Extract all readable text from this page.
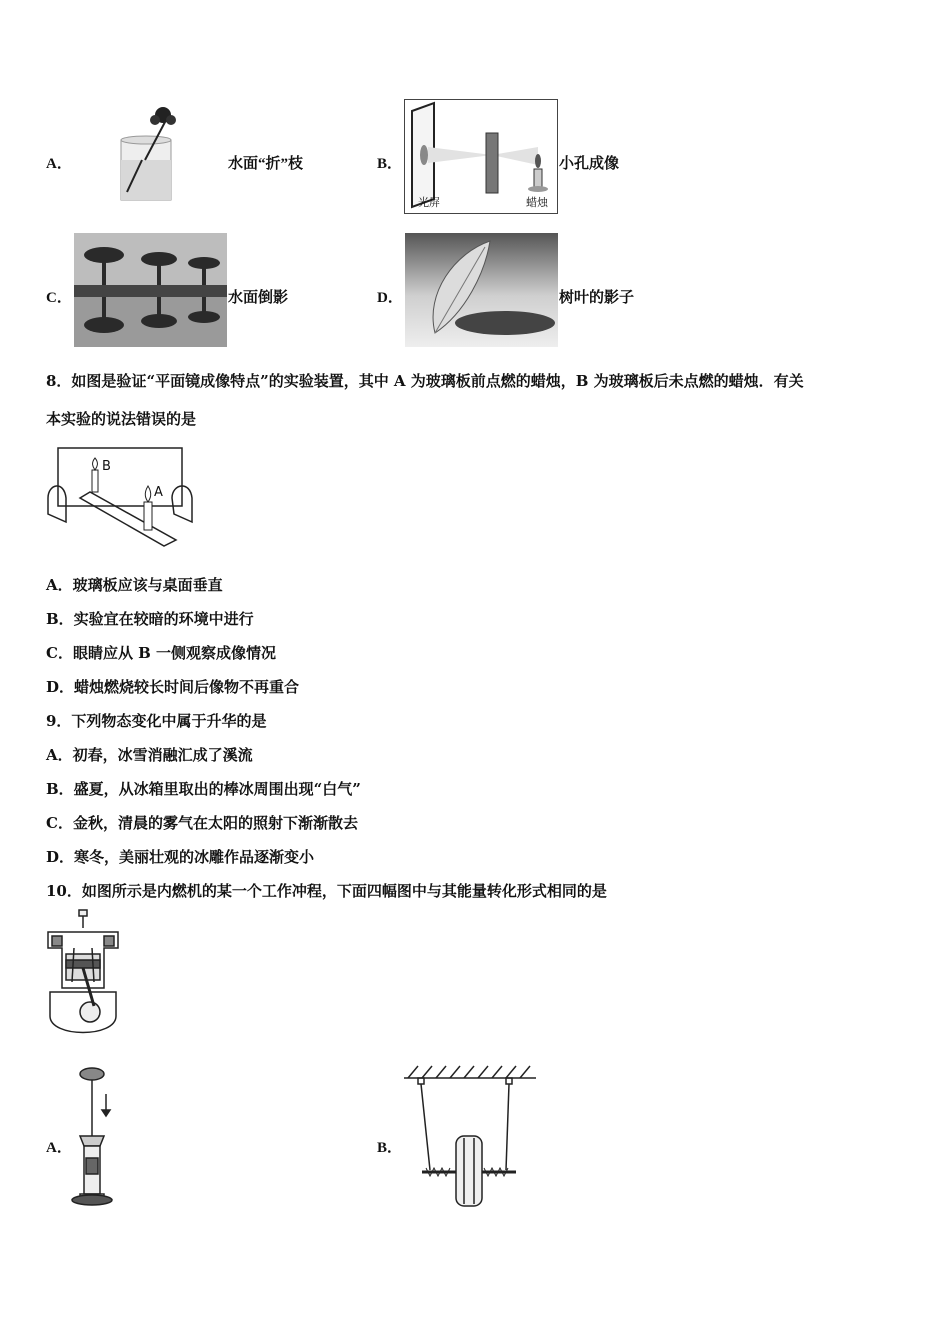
A．	水面“折”枝	B．
光屏	蜡烛
小孔成像
C．	水面倒影	D．	树叶的影子
8．如图是验证“平面镜成像特点”的实验装置，其中 A 为玻璃板前点燃的蜡烛，B 为玻璃板后未点燃的蜡烛．有关
本实验的说法错误的是
B
A
A．玻璃板应该与桌面垂直
B．实验宜在较暗的环境中进行
C．眼睛应从 B 一侧观察成像情况
D．蜡烛燃烧较长时间后像物不再重合
9．下列物态变化中属于升华的是
A．初春，冰雪消融汇成了溪流
B．盛夏，从冰箱里取出的棒冰周围出现“白气”
C．金秋，清晨的雾气在太阳的照射下渐渐散去
D．寒冬，美丽壮观的冰雕作品逐渐变小
10．如图所示是内燃机的某一个工作冲程，下面四幅图中与其能量转化形式相同的是
A．	B．
